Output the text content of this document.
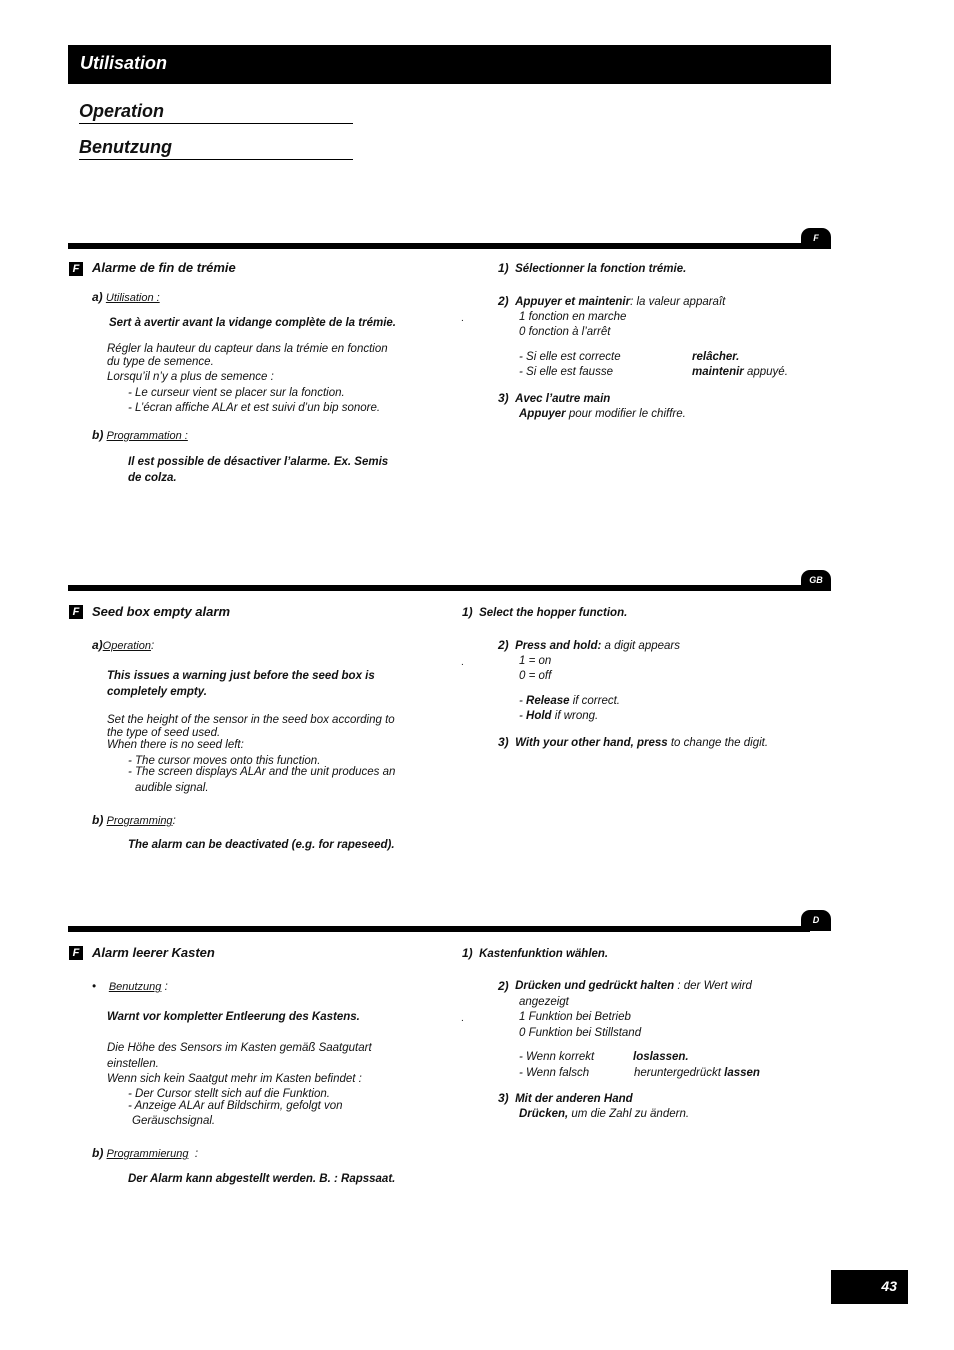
Utilisation
Operation
Benutzung
F
F Alarme de fin de trémie
a) Utilisation :
Sert à avertir avant la vidange complète de la trémie.
Régler la hauteur du capteur dans la trémie en fonction
du type de semence.
Lorsqu’il n’y a plus de semence :
- Le curseur vient se placer sur la fonction.
- L’écran affiche ALAr et est suivi d’un bip sonore.
b) Programmation :
Il est possible de désactiver l’alarme. Ex. Semis
de colza.
1) Sélectionner la fonction trémie.
2) Appuyer et maintenir: la valeur apparaît
.	1 fonction en marche
0 fonction à l’arrêt
- Si elle est correcte	relâcher.
- Si elle est fausse	maintenir appuyé.
3) Avec l’autre main
Appuyer pour modifier le chiffre.
GB
F Seed box empty alarm
a)Operation:
This issues a warning just before the seed box is
completely empty.
Set the height of the sensor in the seed box according to
the type of seed used.
When there is no seed left:
- The cursor moves onto this function.
- The screen displays ALAr and the unit produces an
audible signal.
b) Programming:
The alarm can be deactivated (e.g. for rapeseed).
1) Select the hopper function.
2) Press and hold: a digit appears
.	1 = on
0 = off
- Release if correct.
- Hold if wrong.
3) With your other hand, press to change the digit.
D
F Alarm leerer Kasten
• Benutzung :
Warnt vor kompletter Entleerung des Kastens.
Die Höhe des Sensors im Kasten gemäß Saatgutart
einstellen.
Wenn sich kein Saatgut mehr im Kasten befindet :
- Der Cursor stellt sich auf die Funktion.
- Anzeige ALAr auf Bildschirm, gefolgt von
Geräuschsignal.
b) Programmierung :
Der Alarm kann abgestellt werden. B. : Rapssaat.
1) Kastenfunktion wählen.
2) Drücken und gedrückt halten : der Wert wird
angezeigt
.	1 Funktion bei Betrieb
0 Funktion bei Stillstand
- Wenn korrekt	loslassen.
- Wenn falsch	heruntergedrückt lassen
3) Mit der anderen Hand
Drücken, um die Zahl zu ändern.
43
